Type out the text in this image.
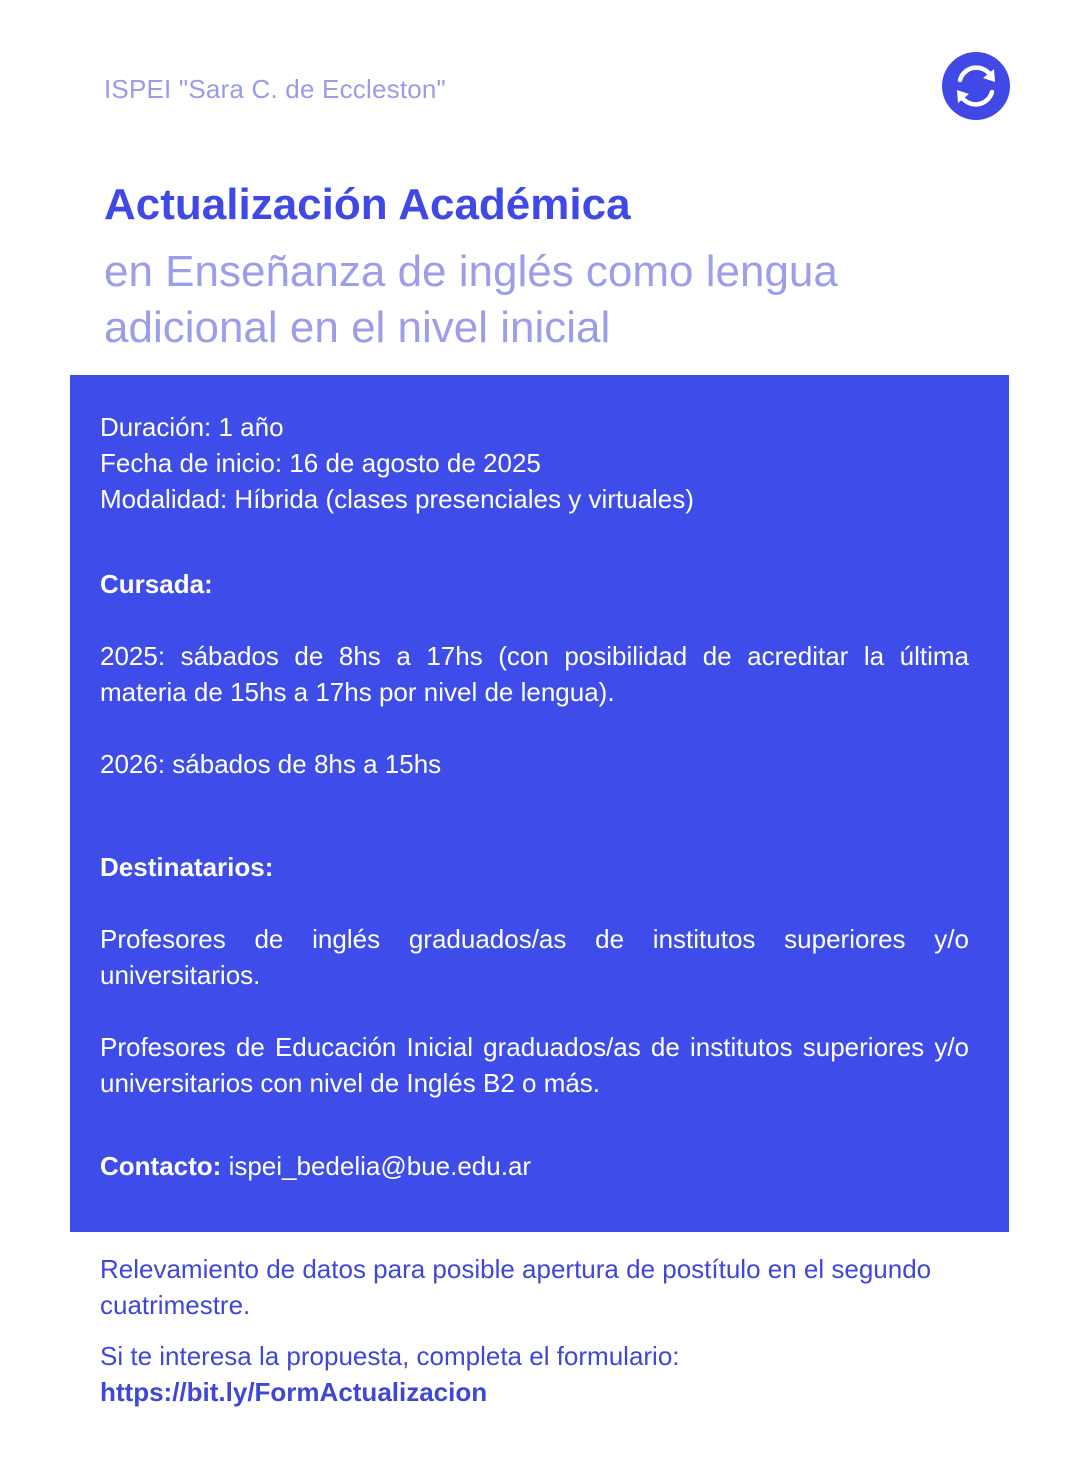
ISPEI "Sara C. de Eccleston"
Actualización Académica
en Enseñanza de inglés como lengua adicional en el nivel inicial
Duración: 1 año
Fecha de inicio: 16 de agosto de 2025
Modalidad: Híbrida (clases presenciales y virtuales)
Cursada:
2025: sábados de 8hs a 17hs (con posibilidad de acreditar la última materia de 15hs a 17hs por nivel de lengua).
2026: sábados de 8hs a 15hs
Destinatarios:
Profesores de inglés graduados/as de institutos superiores y/o universitarios.
Profesores de Educación Inicial graduados/as de institutos superiores y/o universitarios con nivel de Inglés B2 o más.
Contacto: ispei_bedelia@bue.edu.ar
Relevamiento de datos para posible apertura de postítulo en el segundo cuatrimestre.
Si te interesa la propuesta, completa el formulario:
https://bit.ly/FormActualizacion
